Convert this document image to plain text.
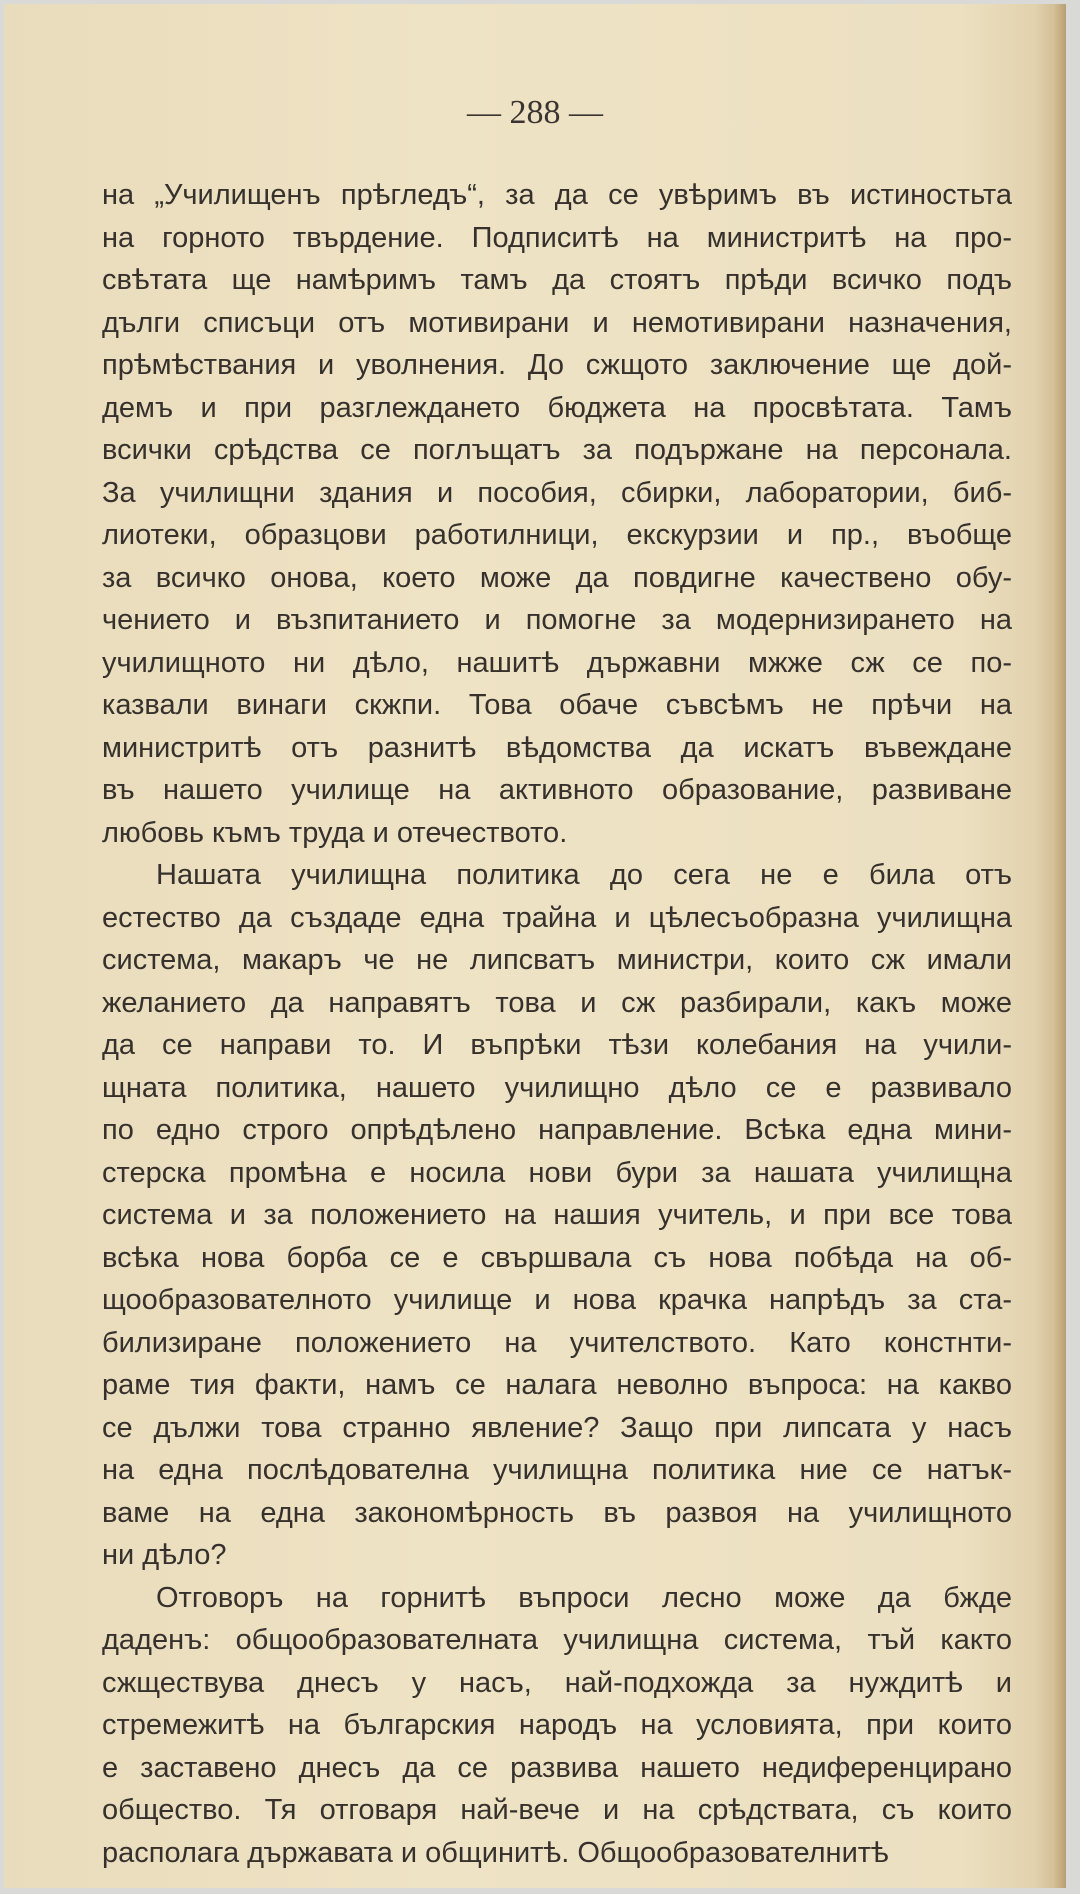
— 288 —
на „Училищенъ прѣгледъ“, за да се увѣримъ въ истиностьта
на горното твърдение. Подписитѣ на министритѣ на про-
свѣтата ще намѣримъ тамъ да стоятъ прѣди всичко подъ
дълги списъци отъ мотивирани и немотивирани назначения,
прѣмѣствания и уволнения. До сжщото заключение ще дой-
демъ и при разглеждането бюджета на просвѣтата. Тамъ
всички срѣдства се поглъщатъ за подържане на персонала.
За училищни здания и пособия, сбирки, лаборатории, биб-
лиотеки, образцови работилници, екскурзии и пр., въобще
за всичко онова, което може да повдигне качествено обу-
чението и възпитанието и помогне за модернизирането на
училищното ни дѣло, нашитѣ държавни мжже сж се по-
казвали винаги скжпи. Това обаче съвсѣмъ не прѣчи на
министритѣ отъ разнитѣ вѣдомства да искатъ въвеждане
въ нашето училище на активното образование, развиване
любовь къмъ труда и отечеството.
Нашата училищна политика до сега не е била отъ
естество да създаде една трайна и цѣлесъобразна училищна
система, макаръ че не липсватъ министри, които сж имали
желанието да направятъ това и сж разбирали, какъ може
да се направи то. И въпрѣки тѣзи колебания на учили-
щната политика, нашето училищно дѣло се е развивало
по едно строго опрѣдѣлено направление. Всѣка една мини-
стерска промѣна е носила нови бури за нашата училищна
система и за положението на нашия учитель, и при все това
всѣка нова борба се е свършвала съ нова побѣда на об-
щообразователното училище и нова крачка напрѣдъ за ста-
билизиране положението на учителството. Като констнти-
раме тия факти, намъ се налага неволно въпроса: на какво
се дължи това странно явление? Защо при липсата у насъ
на една послѣдователна училищна политика ние се натък-
ваме на една закономѣрность въ развоя на училищното
ни дѣло?
Отговоръ на горнитѣ въпроси лесно може да бжде
даденъ: общообразователната училищна система, тъй както
сжществува днесъ у насъ, най-подхожда за нуждитѣ и
стремежитѣ на българския народъ на условията, при които
е заставено днесъ да се развива нашето недиференцирано
общество. Тя отговаря най-вече и на срѣдствата, съ които
располага държавата и общинитѣ. Общообразователнитѣ
